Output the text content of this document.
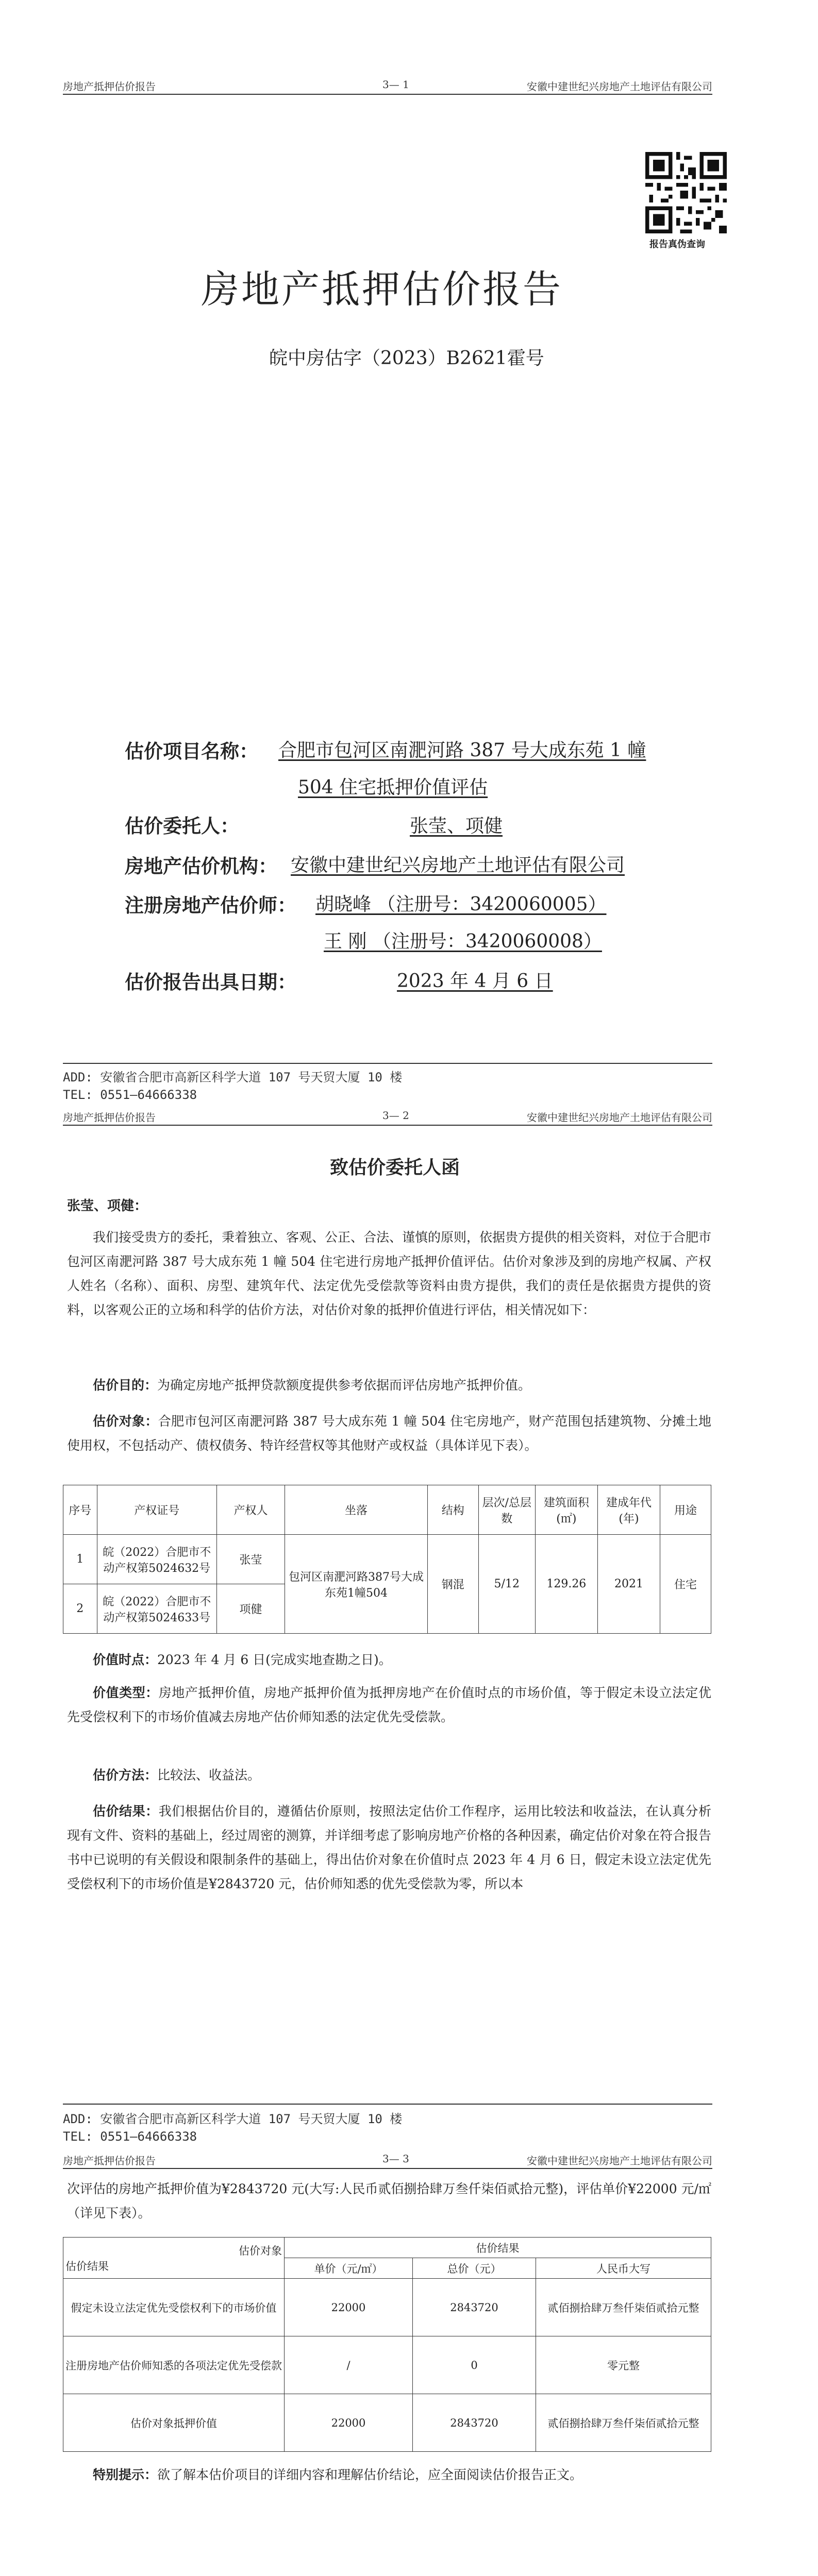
房地产抵押估价报告	3— 1	安徽中建世纪兴房地产土地评估有限公司
报告真伪查询
房地产抵押估价报告
皖中房估字（2023）B2621霍号
估价项目名称： 合肥市包河区南淝河路 387 号大成东苑 1 幢
504 住宅抵押价值评估
估价委托人：	张莹、项健
房地产估价机构： 安徽中建世纪兴房地产土地评估有限公司
注册房地产估价师： 胡晓峰 （注册号：3420060005）
王 刚 （注册号：3420060008）
估价报告出具日期：	2023 年 4 月 6 日
ADD: 安徽省合肥市高新区科学大道 107 号天贸大厦 10 楼
TEL: 0551—64666338
房地产抵押估价报告	3— 2	安徽中建世纪兴房地产土地评估有限公司
致估价委托人函
张莹、项健：
我们接受贵方的委托，秉着独立、客观、公正、合法、谨慎的原则，依据贵方提供的相关资料，对位于合肥市包河区南淝河路 387 号大成东苑 1 幢 504 住宅进行房地产抵押价值评估。估价对象涉及到的房地产权属、产权人姓名（名称）、面积、房型、建筑年代、法定优先受偿款等资料由贵方提供，我们的责任是依据贵方提供的资料，以客观公正的立场和科学的估价方法，对估价对象的抵押价值进行评估，相关情况如下：
估价目的：为确定房地产抵押贷款额度提供参考依据而评估房地产抵押价值。
估价对象：合肥市包河区南淝河路 387 号大成东苑 1 幢 504 住宅房地产，财产范围包括建筑物、分摊土地使用权，不包括动产、债权债务、特许经营权等其他财产或权益（具体详见下表）。
序号	产权证号	产权人	坐落	结构	层次/总层数	建筑面积(㎡)	建成年代(年)	用途
1	皖（2022）合肥市不动产权第5024632号	张莹	包河区南淝河路387号大成东苑1幢504	钢混	5/12	129.26	2021	住宅
2	皖（2022）合肥市不动产权第5024633号	项健						
价值时点：2023 年 4 月 6 日(完成实地查勘之日)。
价值类型：房地产抵押价值，房地产抵押价值为抵押房地产在价值时点的市场价值，等于假定未设立法定优先受偿权利下的市场价值减去房地产估价师知悉的法定优先受偿款。
估价方法：比较法、收益法。
估价结果：我们根据估价目的，遵循估价原则，按照法定估价工作程序，运用比较法和收益法，在认真分析现有文件、资料的基础上，经过周密的测算，并详细考虑了影响房地产价格的各种因素，确定估价对象在符合报告书中已说明的有关假设和限制条件的基础上，得出估价对象在价值时点 2023 年 4 月 6 日，假定未设立法定优先受偿权利下的市场价值是¥2843720 元，估价师知悉的优先受偿款为零，所以本
ADD: 安徽省合肥市高新区科学大道 107 号天贸大厦 10 楼
TEL: 0551—64666338
房地产抵押估价报告	3— 3	安徽中建世纪兴房地产土地评估有限公司
次评估的房地产抵押价值为¥2843720 元(大写:人民币贰佰捌拾肆万叁仟柒佰贰拾元整)，评估单价¥22000 元/㎡（详见下表）。
估价对象
估价结果	估价结果		
	单价（元/㎡）	总价（元）	人民币大写
假定未设立法定优先受偿权利下的市场价值	22000	2843720	贰佰捌拾肆万叁仟柒佰贰拾元整
注册房地产估价师知悉的各项法定优先受偿款	/	0	零元整
估价对象抵押价值	22000	2843720	贰佰捌拾肆万叁仟柒佰贰拾元整
特别提示：欲了解本估价项目的详细内容和理解估价结论，应全面阅读估价报告正文。
